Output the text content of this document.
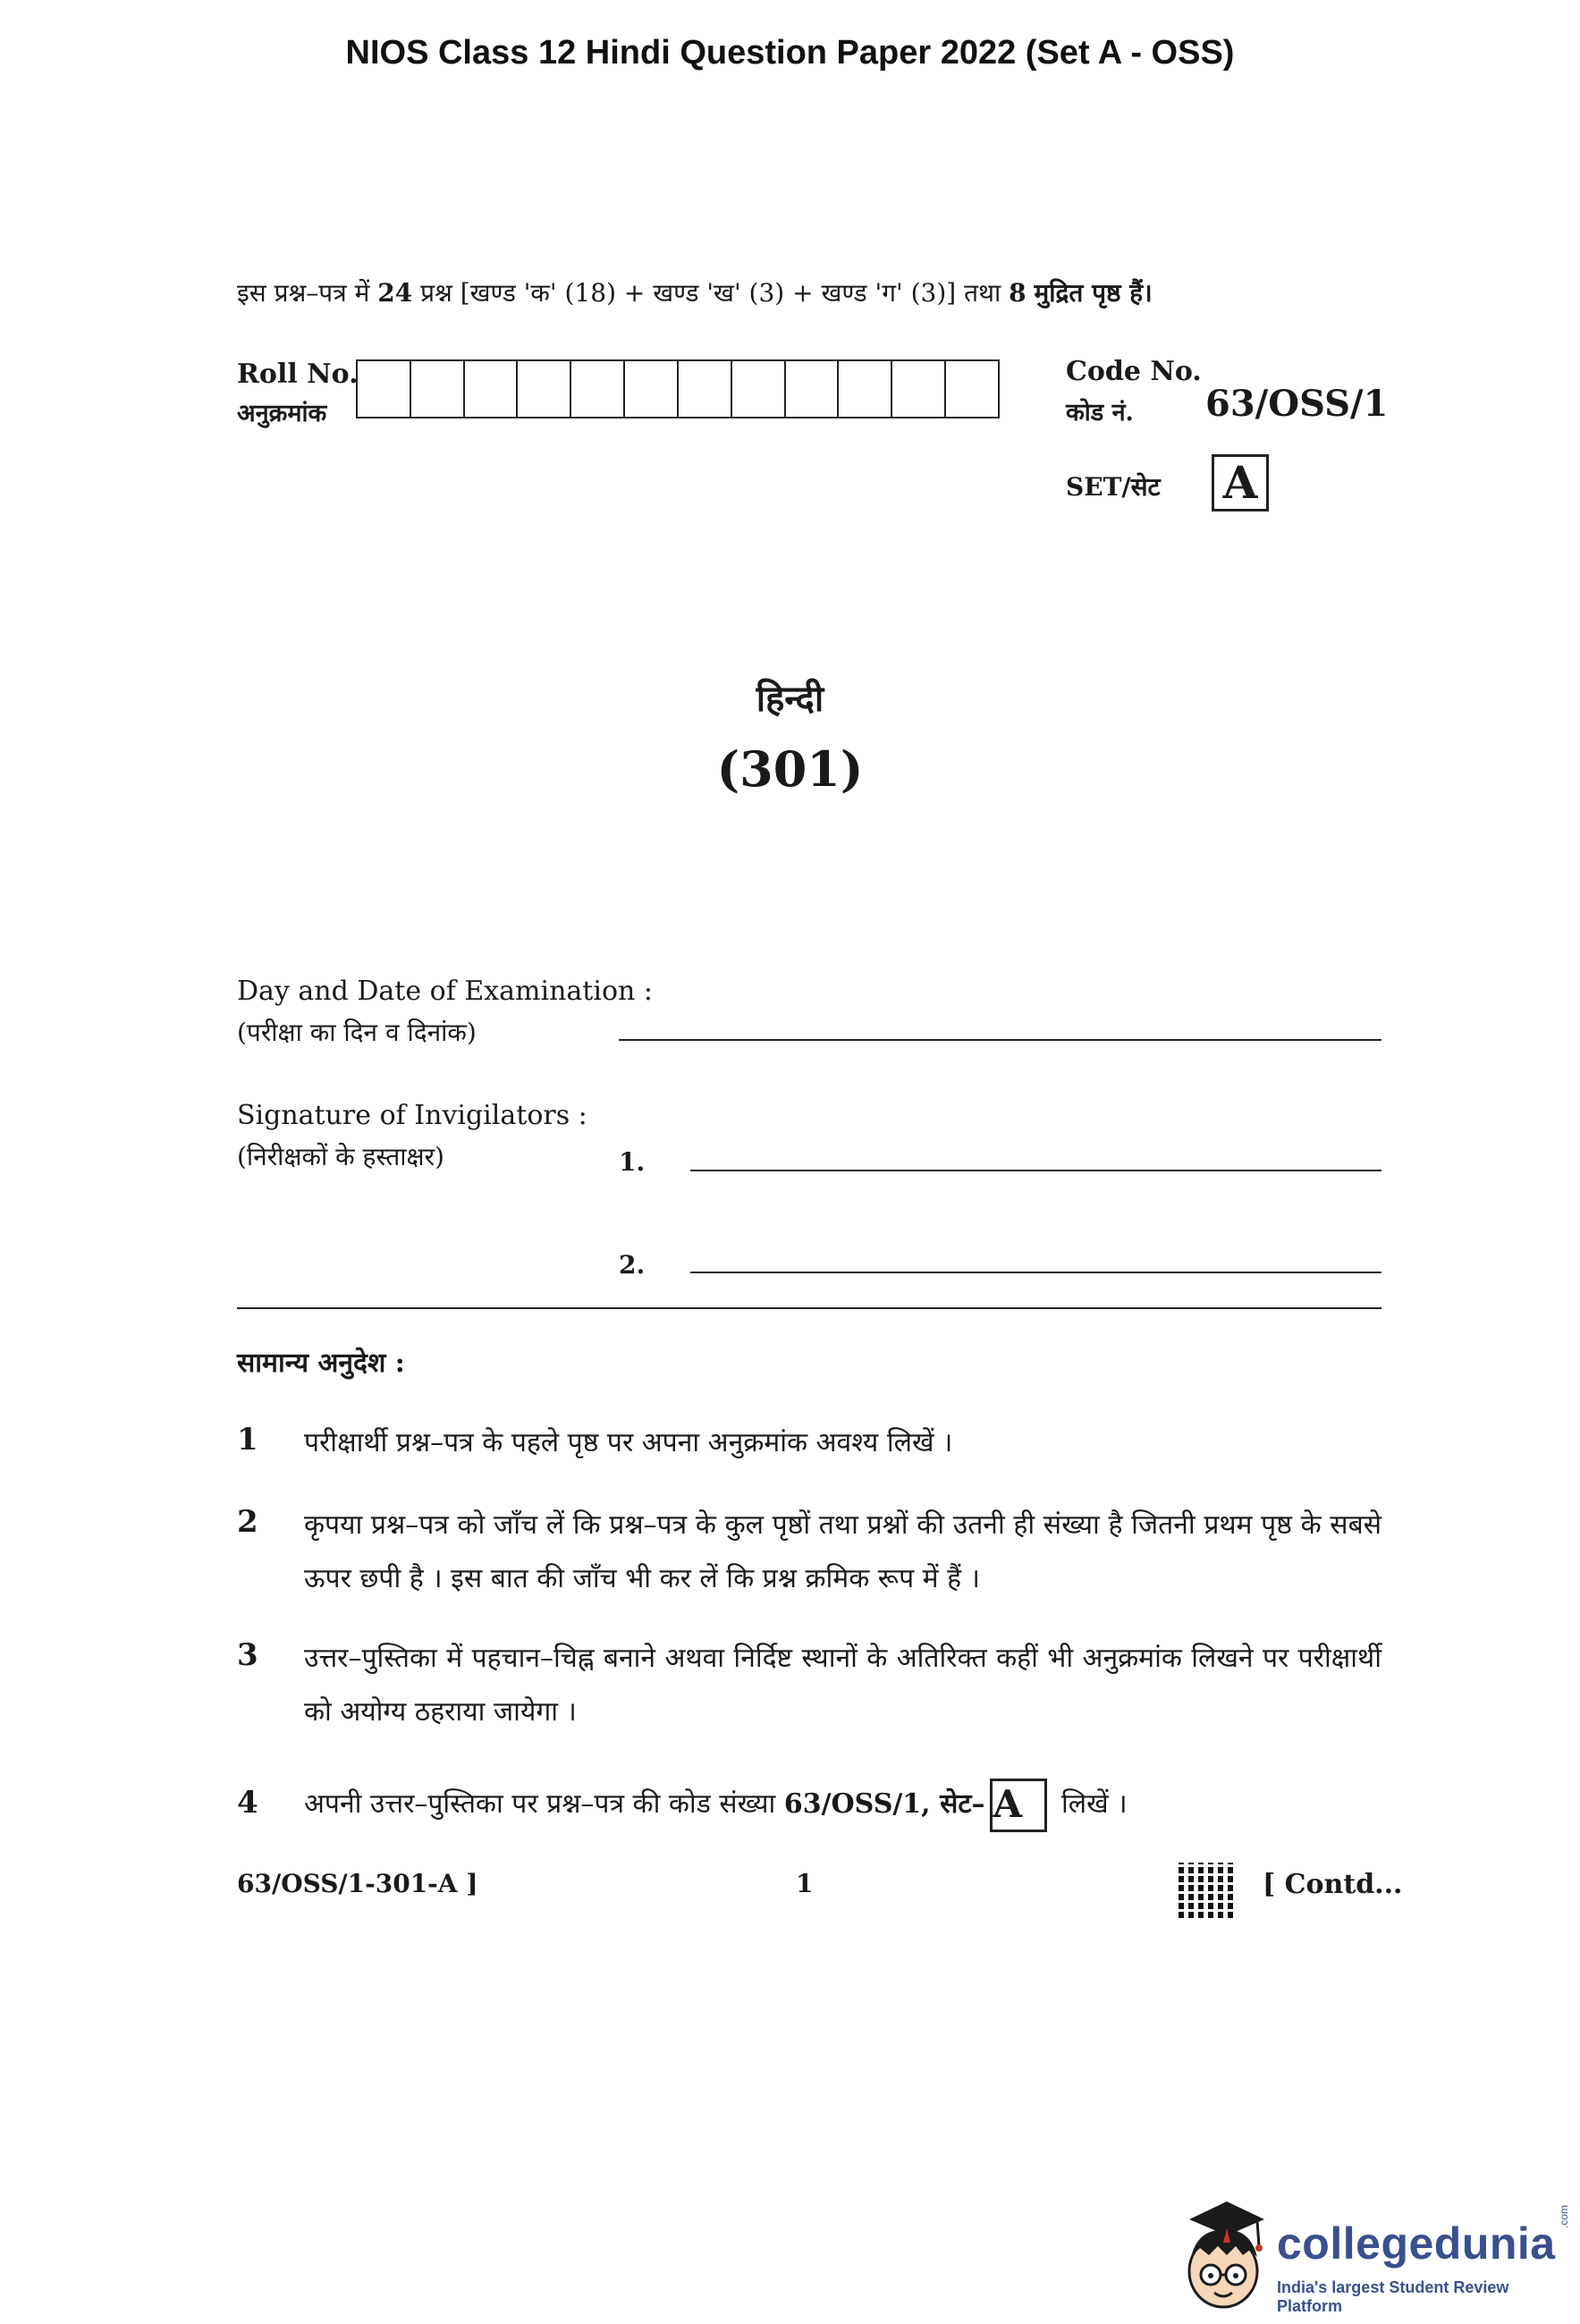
NIOS Class 12 Hindi Question Paper 2022 (Set A - OSS)
इस प्रश्न–पत्र में 24 प्रश्न [खण्ड 'क' (18) + खण्ड 'ख' (3) + खण्ड 'ग' (3)] तथा 8 मुद्रित पृष्ठ हैं।
Roll No.
अनुक्रमांक
Code No.
कोड नं.	63/OSS/1
SET/सेट A
हिन्दी
(301)
Day and Date of Examination :
(परीक्षा का दिन व दिनांक)
Signature of Invigilators :
(निरीक्षकों के हस्ताक्षर)	1.
2.
सामान्य अनुदेश :
1 परीक्षार्थी प्रश्न–पत्र के पहले पृष्ठ पर अपना अनुक्रमांक अवश्य लिखें ।
2 कृपया प्रश्न–पत्र को जाँच लें कि प्रश्न–पत्र के कुल पृष्ठों तथा प्रश्नों की उतनी ही संख्या है जितनी प्रथम पृष्ठ के सबसे ऊपर छपी है । इस बात की जाँच भी कर लें कि प्रश्न क्रमिक रूप में हैं ।
3 उत्तर–पुस्तिका में पहचान–चिह्न बनाने अथवा निर्दिष्ट स्थानों के अतिरिक्त कहीं भी अनुक्रमांक लिखने पर परीक्षार्थी को अयोग्य ठहराया जायेगा ।
4 अपनी उत्तर–पुस्तिका पर प्रश्न–पत्र की कोड संख्या 63/OSS/1, सेट– A लिखें ।
63/OSS/1-301-A ]	1	[ Contd...
collegedunia
.com
India's largest Student Review Platform
